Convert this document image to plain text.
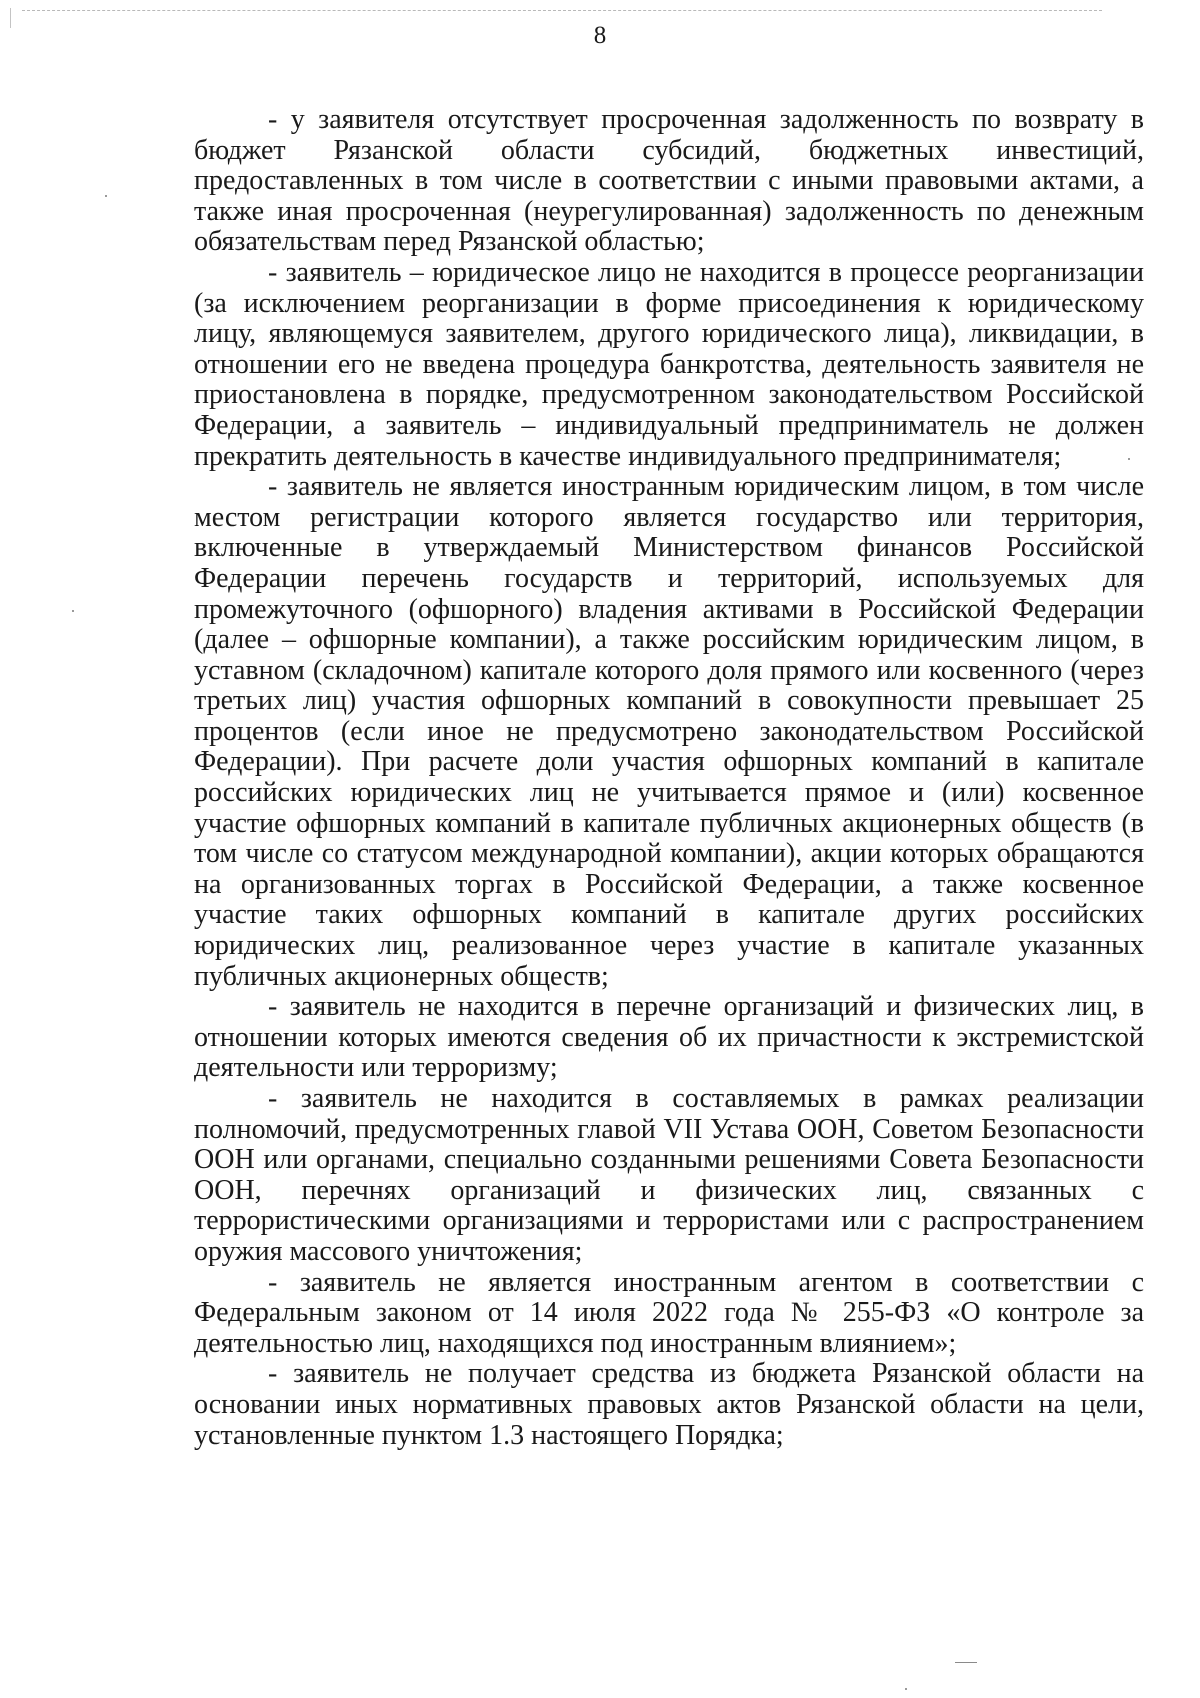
8

- у заявителя отсутствует просроченная задолженность по возврату в бюджет Рязанской области субсидий, бюджетных инвестиций, предоставленных в том числе в соответствии с иными правовыми актами, а также иная просроченная (неурегулированная) задолженность по денежным обязательствам перед Рязанской областью;

- заявитель – юридическое лицо не находится в процессе реорганизации (за исключением реорганизации в форме присоединения к юридическому лицу, являющемуся заявителем, другого юридического лица), ликвидации, в отношении его не введена процедура банкротства, деятельность заявителя не приостановлена в порядке, предусмотренном законодательством Российской Федерации, а заявитель – индивидуальный предприниматель не должен прекратить деятельность в качестве индивидуального предпринимателя;

- заявитель не является иностранным юридическим лицом, в том числе местом регистрации которого является государство или территория, включенные в утверждаемый Министерством финансов Российской Федерации перечень государств и территорий, используемых для промежуточного (офшорного) владения активами в Российской Федерации (далее – офшорные компании), а также российским юридическим лицом, в уставном (складочном) капитале которого доля прямого или косвенного (через третьих лиц) участия офшорных компаний в совокупности превышает 25 процентов (если иное не предусмотрено законодательством Российской Федерации). При расчете доли участия офшорных компаний в капитале российских юридических лиц не учитывается прямое и (или) косвенное участие офшорных компаний в капитале публичных акционерных обществ (в том числе со статусом международной компании), акции которых обращаются на организованных торгах в Российской Федерации, а также косвенное участие таких офшорных компаний в капитале других российских юридических лиц, реализованное через участие в капитале указанных публичных акционерных обществ;

- заявитель не находится в перечне организаций и физических лиц, в отношении которых имеются сведения об их причастности к экстремистской деятельности или терроризму;

- заявитель не находится в составляемых в рамках реализации полномочий, предусмотренных главой VII Устава ООН, Советом Безопасности ООН или органами, специально созданными решениями Совета Безопасности ООН, перечнях организаций и физических лиц, связанных с террористическими организациями и террористами или с распространением оружия массового уничтожения;

- заявитель не является иностранным агентом в соответствии с Федеральным законом от 14 июля 2022 года № 255-ФЗ «О контроле за деятельностью лиц, находящихся под иностранным влиянием»;

- заявитель не получает средства из бюджета Рязанской области на основании иных нормативных правовых актов Рязанской области на цели, установленные пунктом 1.3 настоящего Порядка;
